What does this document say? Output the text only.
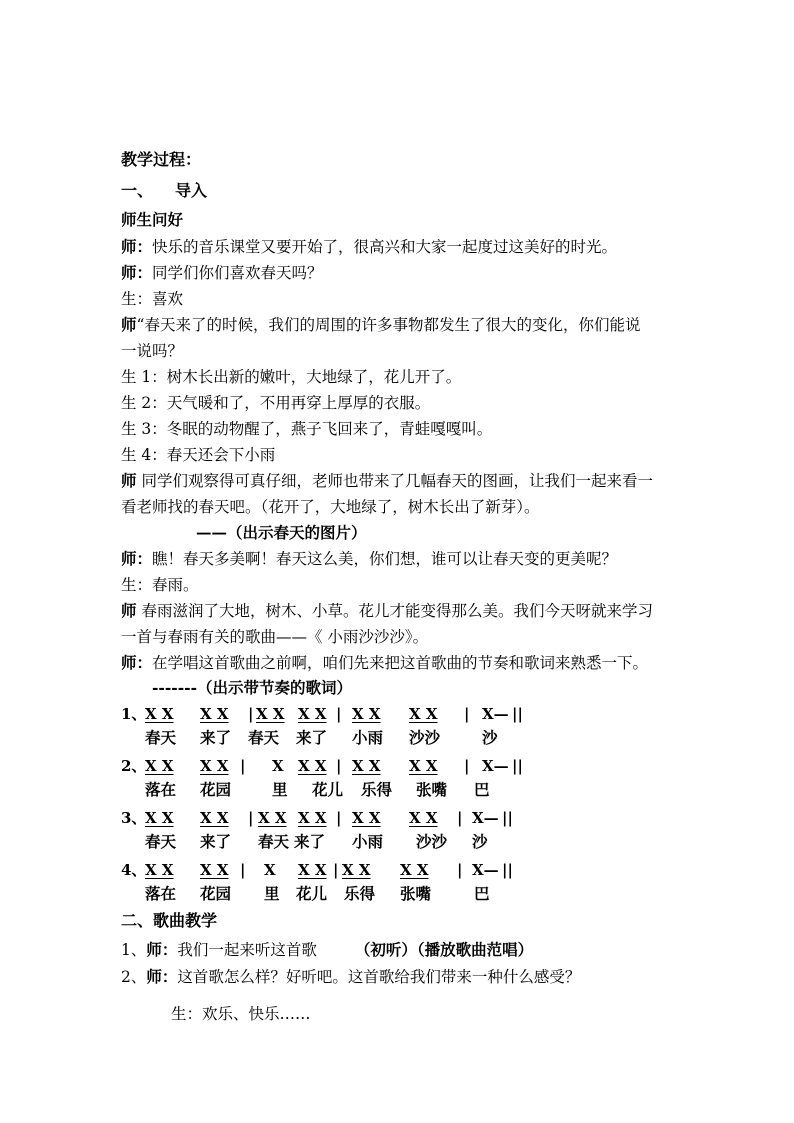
教学过程：
一、 导入
师生问好
师：快乐的音乐课堂又要开始了，很高兴和大家一起度过这美好的时光。
师：同学们你们喜欢春天吗？
生：喜欢
师“春天来了的时候，我们的周围的许多事物都发生了很大的变化，你们能说
一说吗？
生 1：树木长出新的嫩叶，大地绿了，花儿开了。
生 2：天气暖和了，不用再穿上厚厚的衣服。
生 3：冬眠的动物醒了，燕子飞回来了，青蛙嘎嘎叫。
生 4：春天还会下小雨
师 同学们观察得可真仔细，老师也带来了几幅春天的图画，让我们一起来看一
看老师找的春天吧。（花开了，大地绿了，树木长出了新芽）。
——（出示春天的图片）
师：瞧！春天多美啊！春天这么美，你们想，谁可以让春天变的更美呢？
生：春雨。
师 春雨滋润了大地，树木、小草。花儿才能变得那么美。我们今天呀就来学习
一首与春雨有关的歌曲——《 小雨沙沙沙》。
师：在学唱这首歌曲之前啊，咱们先来把这首歌曲的节奏和歌词来熟悉一下。
-------（出示带节奏的歌词）
1、
X X X X | X X X X | X X X X | X— ||
春天 来了 春天 来了 小雨 沙沙	沙
2、
X X X X | X X X | X X X X | X— ||
落在 花园	里 花儿 乐得 张嘴 巴
3、
X X X X | X X X X | X X X X | X— ||
春天 来了 春天 来了 小雨 沙沙 沙
4、
X X X X | X X X | X X X X | X— ||
落在 花园 里 花儿 乐得 张嘴	巴
二、歌曲教学
1、师：我们一起来听这首歌 （初听）（播放歌曲范唱）
2、师：这首歌怎么样？好听吧。这首歌给我们带来一种什么感受？
生：欢乐、快乐……
